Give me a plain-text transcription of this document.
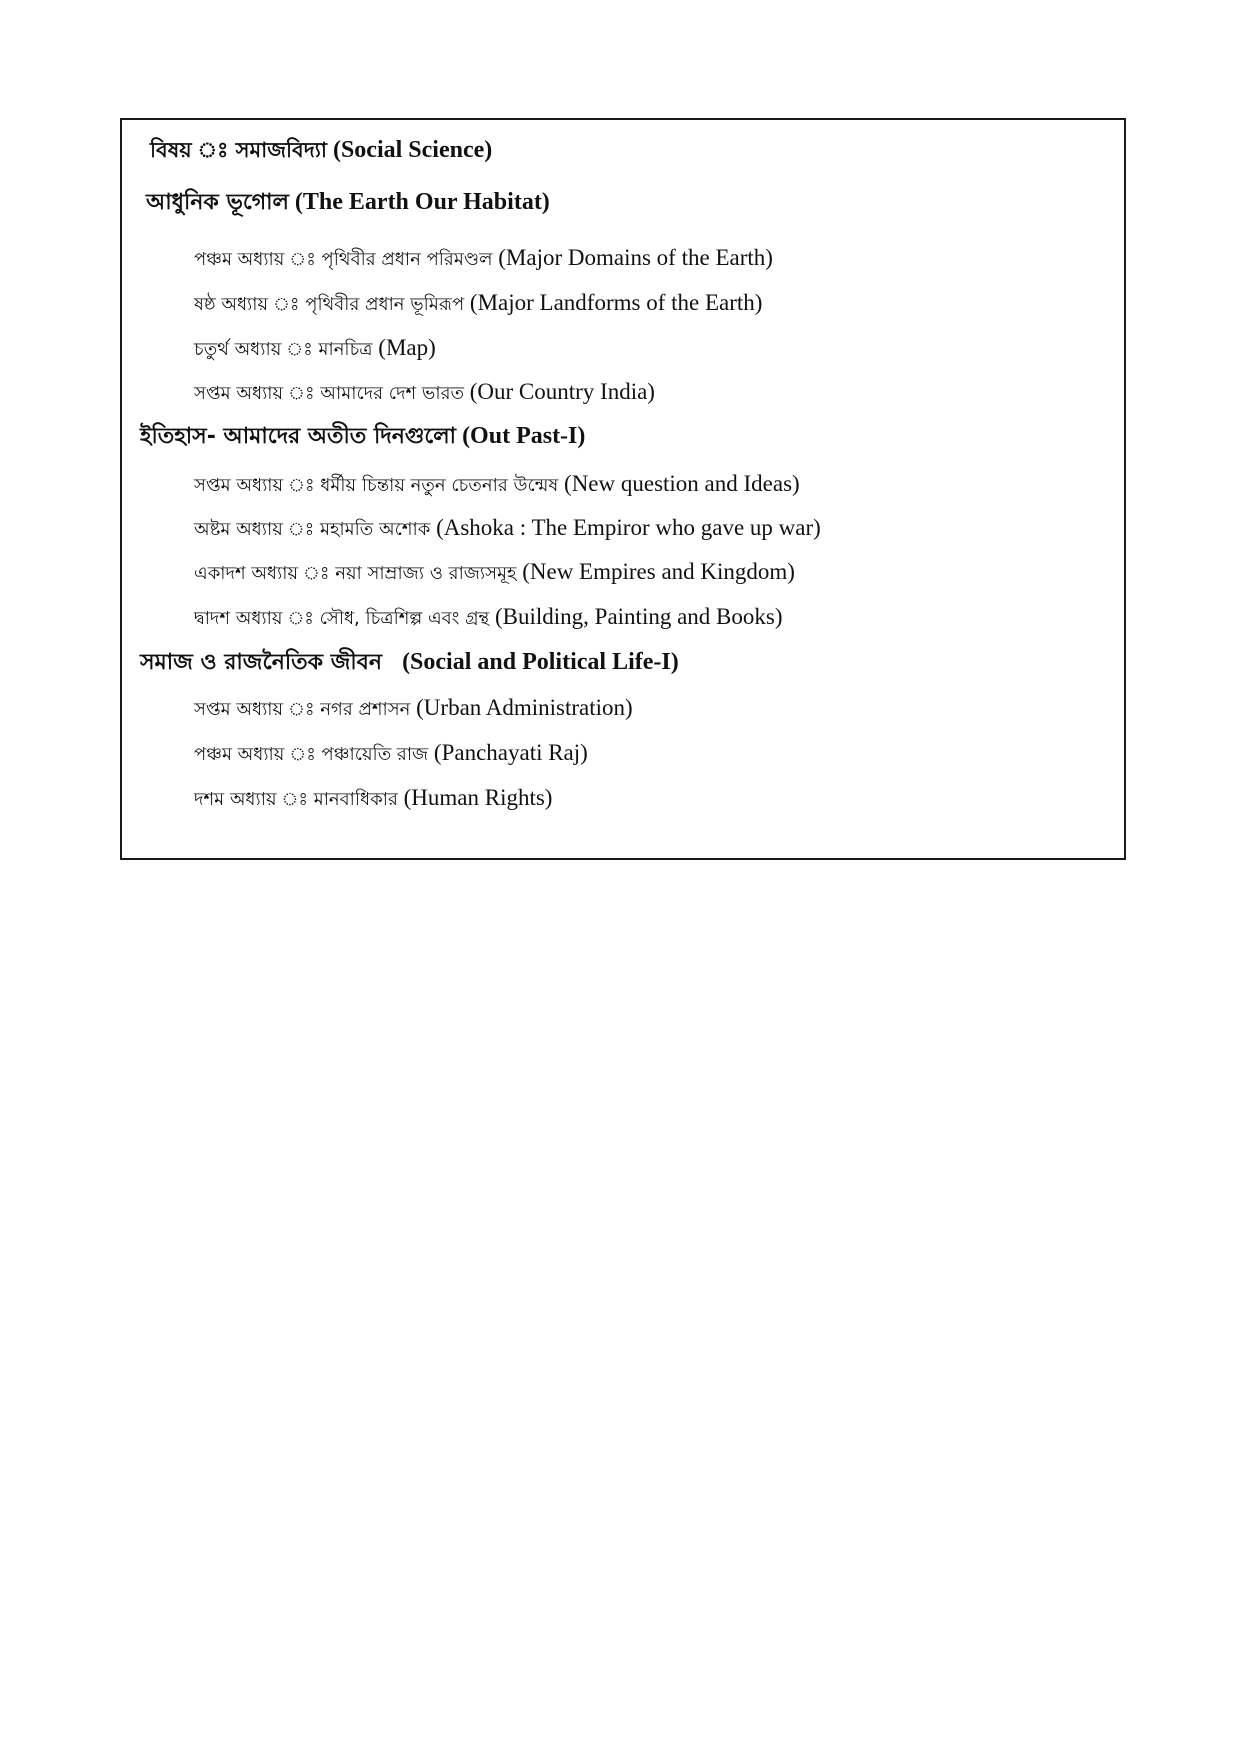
বিষয় ঃ সমাজবিদ্যা (Social Science)
আধুনিক ভূগোল (The Earth Our Habitat)
পঞ্চম অধ্যায় ঃ পৃথিবীর প্রধান পরিমণ্ডল (Major Domains of the Earth)
ষষ্ঠ অধ্যায় ঃ পৃথিবীর প্রধান ভূমিরূপ (Major Landforms of the Earth)
চতুর্থ অধ্যায় ঃ মানচিত্র (Map)
সপ্তম অধ্যায় ঃ আমাদের দেশ ভারত (Our Country India)
ইতিহাস- আমাদের অতীত দিনগুলো (Out Past-I)
সপ্তম অধ্যায় ঃ ধর্মীয় চিন্তায় নতুন চেতনার উন্মেষ (New question and Ideas)
অষ্টম অধ্যায় ঃ মহামতি অশোক (Ashoka : The Empiror who gave up war)
একাদশ অধ্যায় ঃ নয়া সাম্রাজ্য ও রাজ্যসমূহ (New Empires and Kingdom)
দ্বাদশ অধ্যায় ঃ সৌধ, চিত্রশিল্প এবং গ্রন্থ (Building, Painting and Books)
সমাজ ও রাজনৈতিক জীবন (Social and Political Life-I)
সপ্তম অধ্যায় ঃ নগর প্রশাসন (Urban Administration)
পঞ্চম অধ্যায় ঃ পঞ্চায়েতি রাজ (Panchayati Raj)
দশম অধ্যায় ঃ মানবাধিকার (Human Rights)
